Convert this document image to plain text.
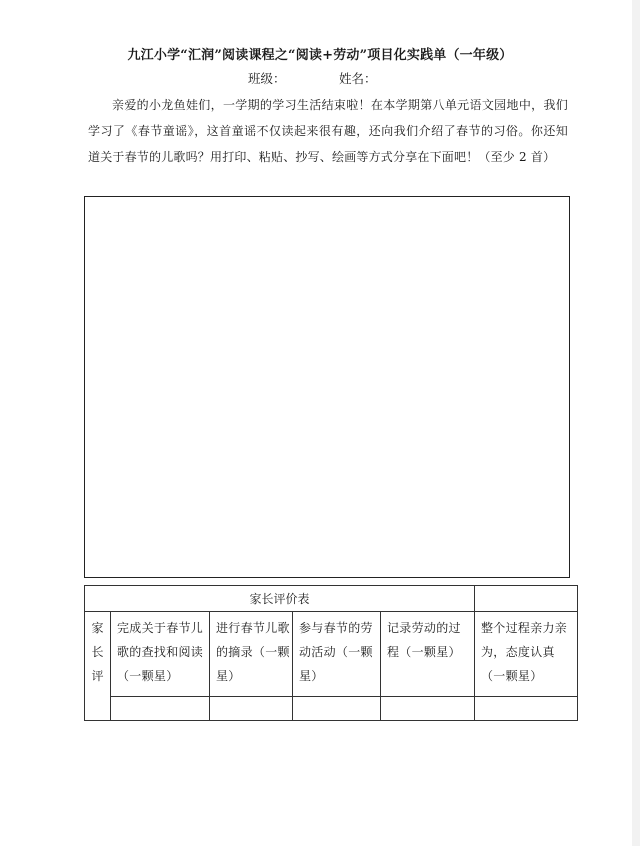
九江小学“汇润”阅读课程之“阅读+劳动”项目化实践单（一年级）
班级：	姓名：
亲爱的小龙鱼娃们，一学期的学习生活结束啦！在本学期第八单元语文园地中，我们学习了《春节童谣》，这首童谣不仅读起来很有趣，还向我们介绍了春节的习俗。你还知道关于春节的儿歌吗？用打印、粘贴、抄写、绘画等方式分享在下面吧！（至少 2 首）
家长评价表					

家
长
评	完成关于春节儿歌的查找和阅读（一颗星）	进行春节儿歌的摘录（一颗星）	参与春节的劳动活动（一颗星）	记录劳动的过程（一颗星）	整个过程亲力亲为，态度认真（一颗星）
